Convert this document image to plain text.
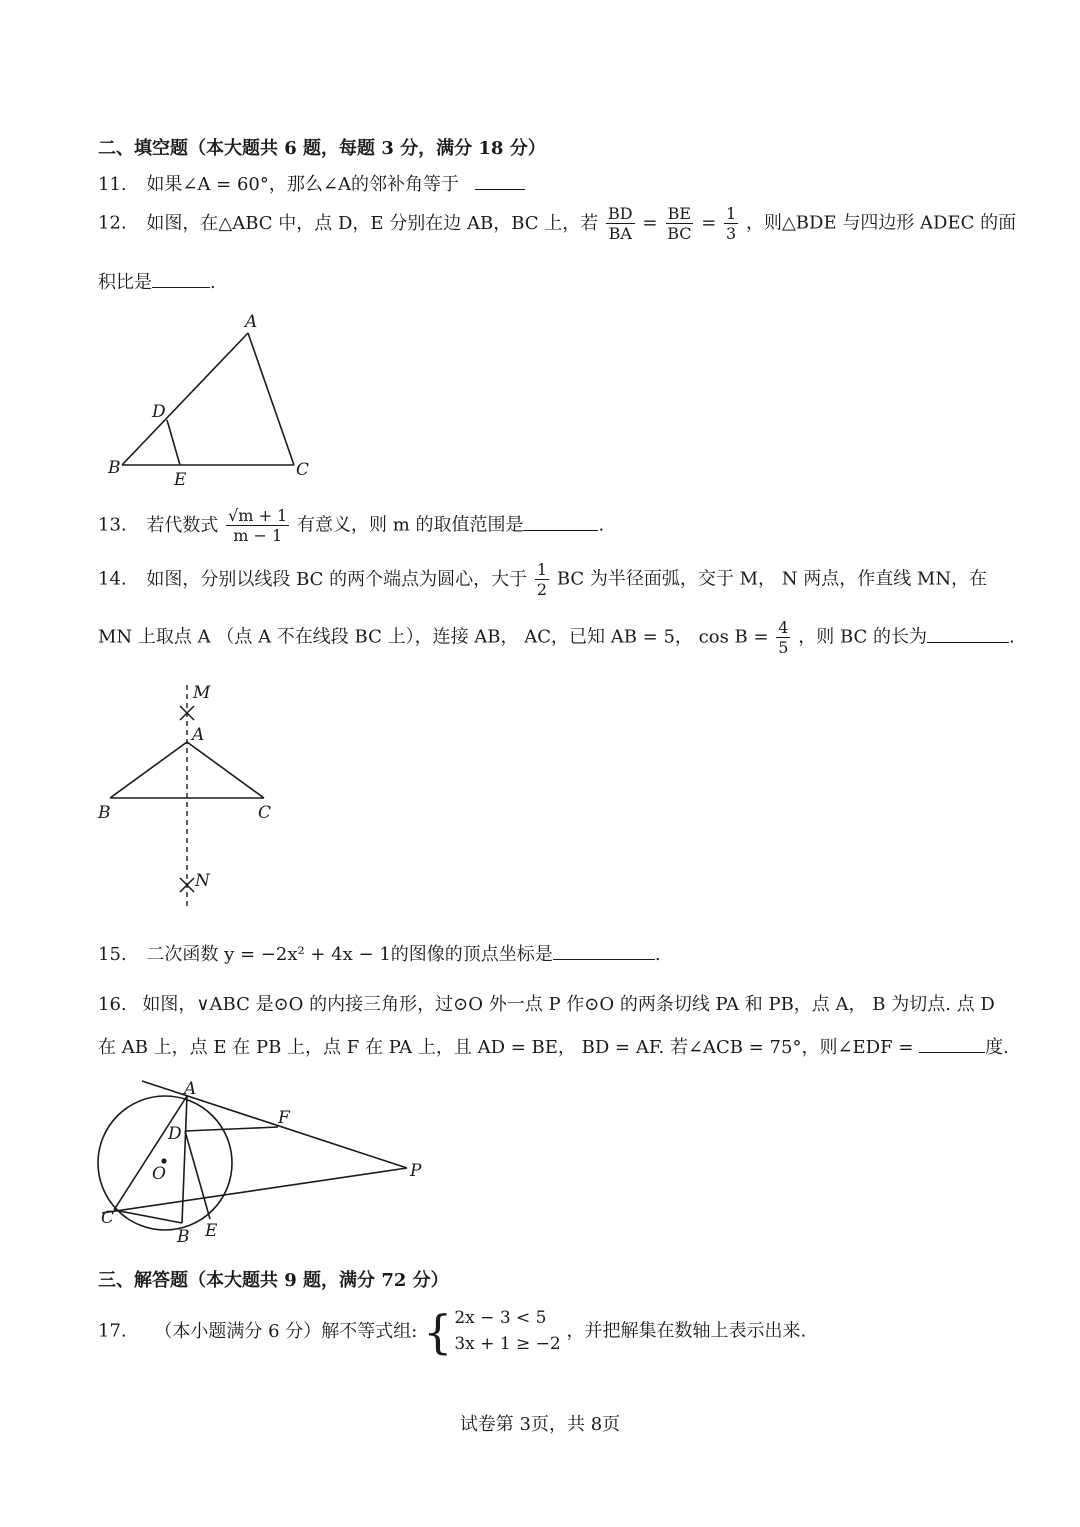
二、填空题（本大题共 6 题，每题 3 分，满分 18 分）
11. 如果∠A = 60°，那么∠A的邻补角等于
12. 如图，在△ABC 中，点 D，E 分别在边 AB，BC 上，若 $\frac{BD}{BA} = \frac{BE}{BC} = \frac{1}{3}$ ，则△BDE 与四边形 ADEC 的面
积比是	.
A
B	C
D
E
13. 若代数式 $\frac{√m + 1}{m - 1}$ 有意义，则 m 的取值范围是	.
14. 如图，分别以线段 BC 的两个端点为圆心，大于 $\frac{1}{2}$ BC 为半径面弧，交于 M， N 两点，作直线 MN，在
MN 上取点 A （点 A 不在线段 BC 上），连接 AB， AC，已知 AB = 5， $\cos B = \frac{4}{5}$ ，则 BC 的长为	.
M
A
B	C
N
15. 二次函数 y = −2x² + 4x − 1的图像的顶点坐标是	.
16. 如图，∨ABC 是⊙O 的内接三角形，过⊙O 外一点 P 作⊙O 的两条切线 PA 和 PB，点 A， B 为切点. 点 D
在 AB 上，点 E 在 PB 上，点 F 在 PA 上，且 AD = BE， BD = AF. 若∠ACB = 75°，则∠EDF =	度.
A
D
F
O	P
C
B E
三、解答题（本大题共 9 题，满分 72 分）
17. （本小题满分 6 分）解不等式组: { 2x − 3 < 5
3x + 1 ≥ −2
，并把解集在数轴上表示出来.
试卷第 3页，共 8页
